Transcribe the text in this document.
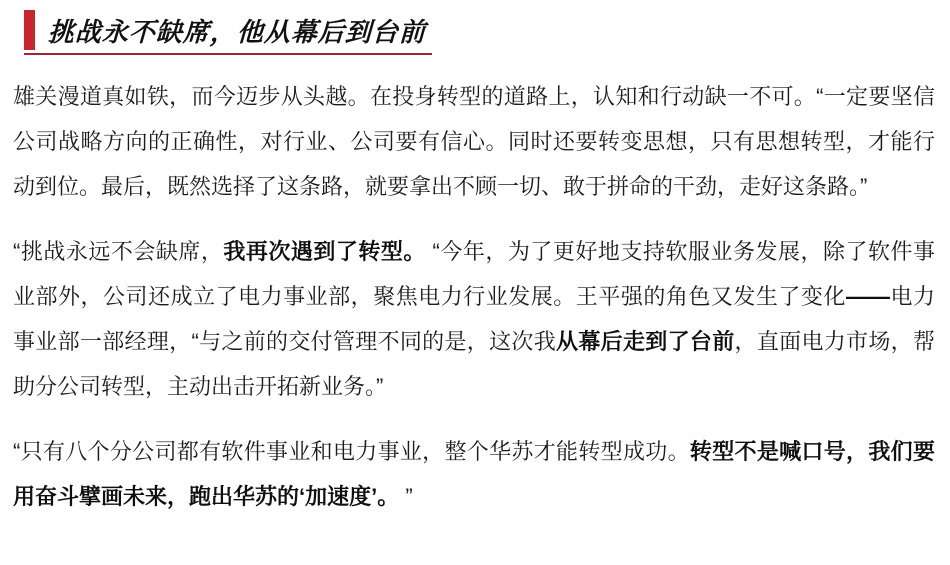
挑战永不缺席，他从幕后到台前

雄关漫道真如铁，而今迈步从头越。在投身转型的道路上，认知和行动缺一不可。“一定要坚信公司战略方向的正确性，对行业、公司要有信心。同时还要转变思想，只有思想转型，才能行动到位。最后，既然选择了这条路，就要拿出不顾一切、敢于拼命的干劲，走好这条路。”

“挑战永远不会缺席，我再次遇到了转型。 “今年，为了更好地支持软服业务发展，除了软件事业部外，公司还成立了电力事业部，聚焦电力行业发展。王平强的角色又发生了变化——电力事业部一部经理，“与之前的交付管理不同的是，这次我从幕后走到了台前，直面电力市场，帮助分公司转型，主动出击开拓新业务。”

“只有八个分公司都有软件事业和电力事业，整个华苏才能转型成功。转型不是喊口号，我们要用奋斗擘画未来，跑出华苏的‘加速度’。 ”
